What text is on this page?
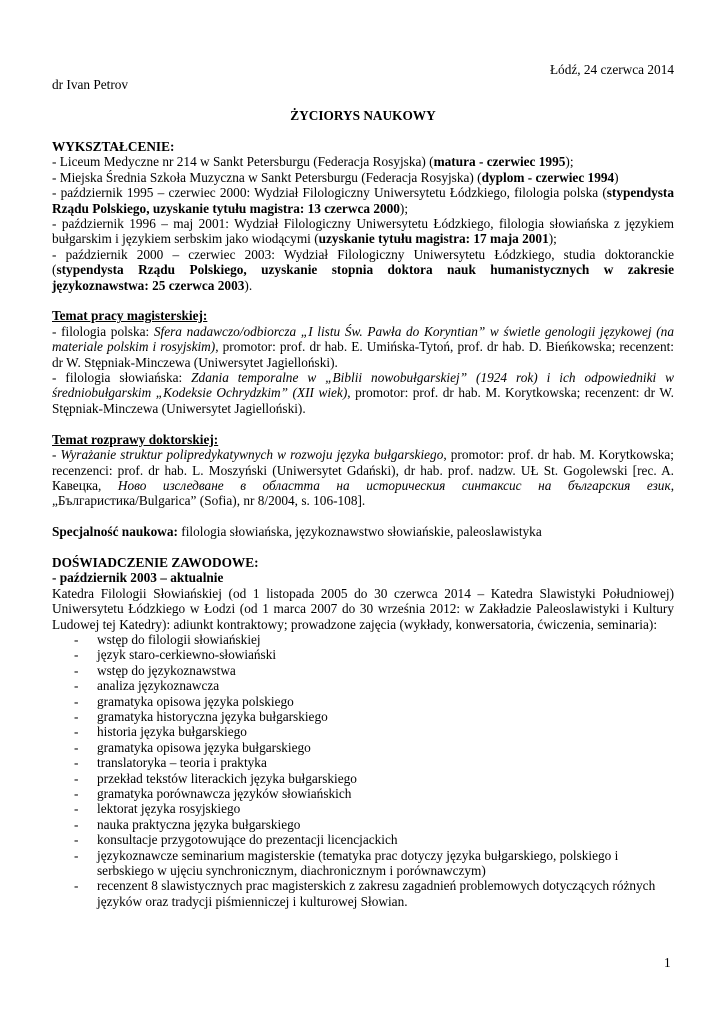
Łódź, 24 czerwca 2014

dr Ivan Petrov

ŻYCIORYS NAUKOWY

WYKSZTAŁCENIE:

- Liceum Medyczne nr 214 w Sankt Petersburgu (Federacja Rosyjska) (matura - czerwiec 1995);

- Miejska Średnia Szkoła Muzyczna w Sankt Petersburgu (Federacja Rosyjska) (dyplom - czerwiec 1994)

- październik 1995 – czerwiec 2000: Wydział Filologiczny Uniwersytetu Łódzkiego, filologia polska (stypendysta Rządu Polskiego, uzyskanie tytułu magistra: 13 czerwca 2000);

- październik 1996 – maj 2001: Wydział Filologiczny Uniwersytetu Łódzkiego, filologia słowiańska z językiem bułgarskim i językiem serbskim jako wiodącymi (uzyskanie tytułu magistra: 17 maja 2001);

- październik 2000 – czerwiec 2003: Wydział Filologiczny Uniwersytetu Łódzkiego, studia doktoranckie (stypendysta Rządu Polskiego, uzyskanie stopnia doktora nauk humanistycznych w zakresie językoznawstwa: 25 czerwca 2003).

Temat pracy magisterskiej:

- filologia polska: Sfera nadawczo/odbiorcza „I listu Św. Pawła do Koryntian” w świetle genologii językowej (na materiale polskim i rosyjskim), promotor: prof. dr hab. E. Umińska-Tytoń, prof. dr hab. D. Bieńkowska; recenzent: dr W. Stępniak-Minczewa (Uniwersytet Jagielloński).

- filologia słowiańska: Zdania temporalne w „Biblii nowobułgarskiej” (1924 rok) i ich odpowiedniki w średniobułgarskim „Kodeksie Ochrydzkim” (XII wiek), promotor: prof. dr hab. M. Korytkowska; recenzent: dr W. Stępniak-Minczewa (Uniwersytet Jagielloński).

Temat rozprawy doktorskiej:

- Wyrażanie struktur polipredykatywnych w rozwoju języka bułgarskiego, promotor: prof. dr hab. M. Korytkowska; recenzenci: prof. dr hab. L. Moszyński (Uniwersytet Gdański), dr hab. prof. nadzw. UŁ St. Gogolewski [rec. A. Кавецка, Ново изследване в областта на историческия синтаксис на българския език, „Българистика/Bulgarica” (Sofia), nr 8/2004, s. 106-108].

Specjalność naukowa: filologia słowiańska, językoznawstwo słowiańskie, paleoslawistyka

DOŚWIADCZENIE ZAWODOWE:

- październik 2003 – aktualnie

Katedra Filologii Słowiańskiej (od 1 listopada 2005 do 30 czerwca 2014 – Katedra Slawistyki Południowej) Uniwersytetu Łódzkiego w Łodzi (od 1 marca 2007 do 30 września 2012: w Zakładzie Paleoslawistyki i Kultury Ludowej tej Katedry): adiunkt kontraktowy; prowadzone zajęcia (wykłady, konwersatoria, ćwiczenia, seminaria):

- wstęp do filologii słowiańskiej
- język staro-cerkiewno-słowiański
- wstęp do językoznawstwa
- analiza językoznawcza
- gramatyka opisowa języka polskiego
- gramatyka historyczna języka bułgarskiego
- historia języka bułgarskiego
- gramatyka opisowa języka bułgarskiego
- translatoryka – teoria i praktyka
- przekład tekstów literackich języka bułgarskiego
- gramatyka porównawcza języków słowiańskich
- lektorat języka rosyjskiego
- nauka praktyczna języka bułgarskiego
- konsultacje przygotowujące do prezentacji licencjackich
- językoznawcze seminarium magisterskie (tematyka prac dotyczy języka bułgarskiego, polskiego i serbskiego w ujęciu synchronicznym, diachronicznym i porównawczym)
- recenzent 8 slawistycznych prac magisterskich z zakresu zagadnień problemowych dotyczących różnych języków oraz tradycji piśmienniczej i kulturowej Słowian.
1
